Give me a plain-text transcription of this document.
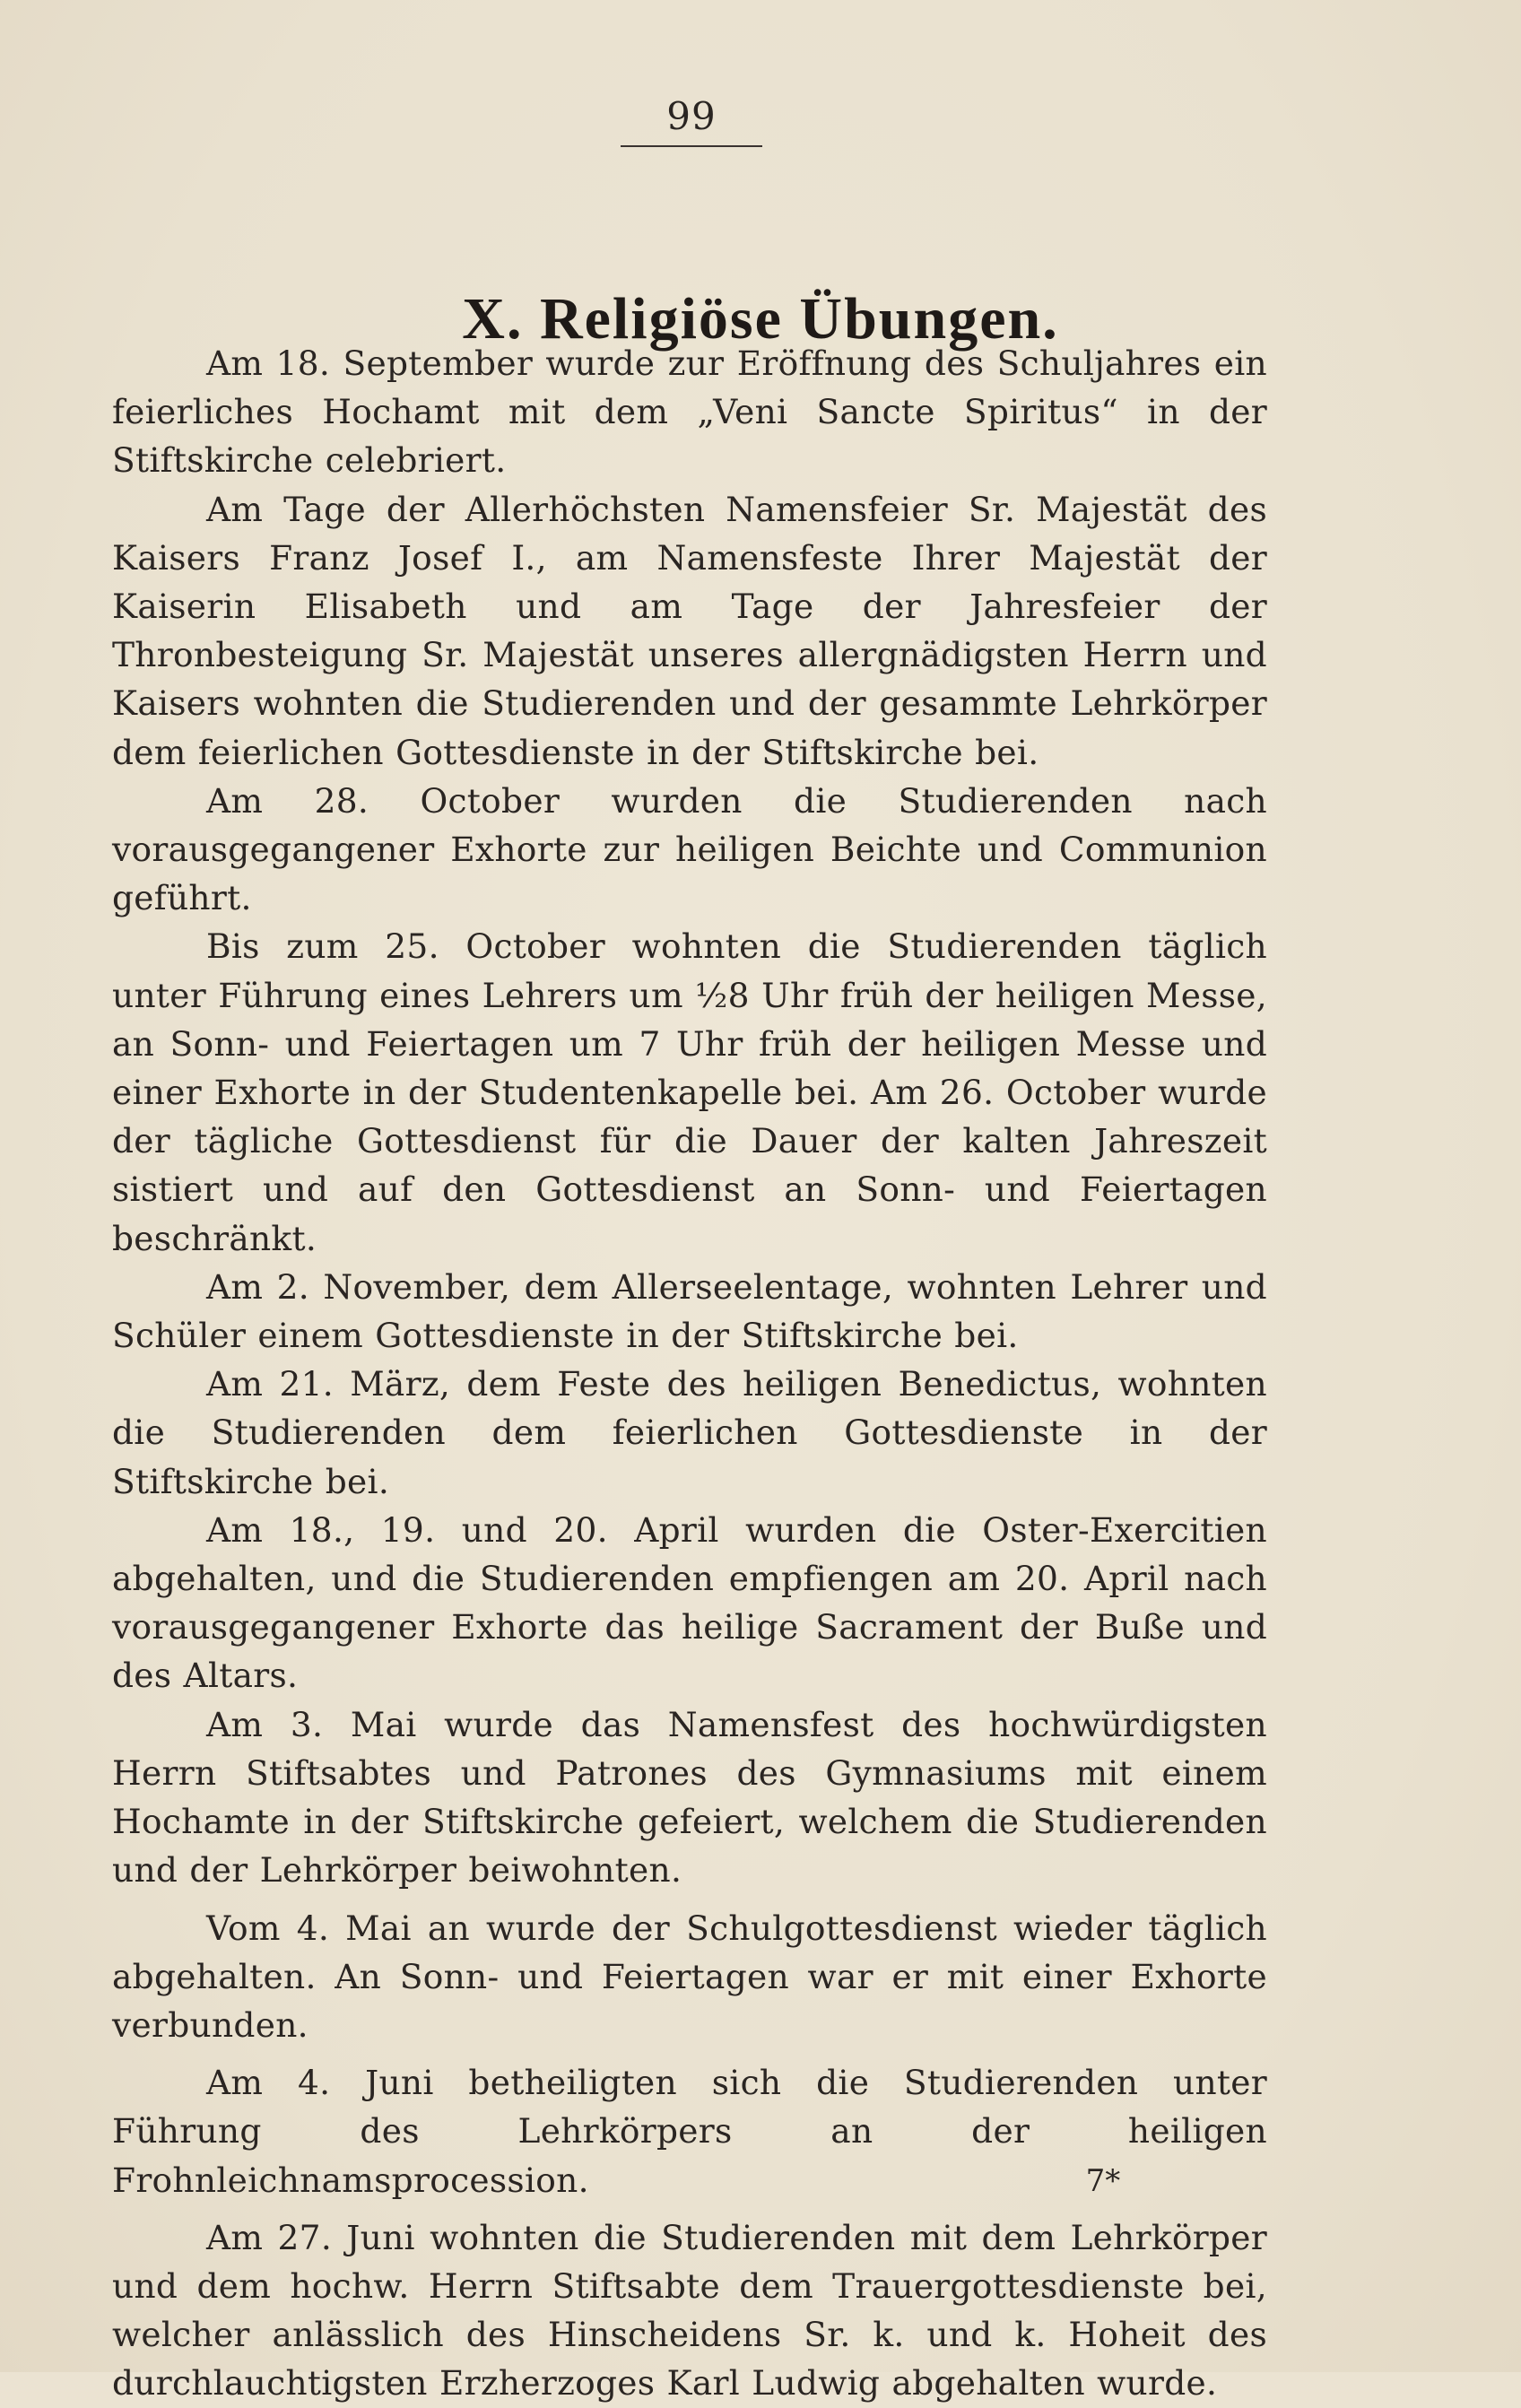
99
X. Religiöse Übungen.

Am 18. September wurde zur Eröffnung des Schuljahres ein feierliches Hochamt mit dem „Veni Sancte Spiritus“ in der Stiftskirche celebriert.

Am Tage der Allerhöchsten Namensfeier Sr. Majestät des Kaisers Franz Josef I., am Namensfeste Ihrer Majestät der Kaiserin Elisabeth und am Tage der Jahresfeier der Thronbesteigung Sr. Majestät unseres allergnädigsten Herrn und Kaisers wohnten die Studierenden und der gesammte Lehrkörper dem feierlichen Gottesdienste in der Stiftskirche bei.

Am 28. October wurden die Studierenden nach vorausgegangener Exhorte zur heiligen Beichte und Communion geführt.

Bis zum 25. October wohnten die Studierenden täglich unter Führung eines Lehrers um ½8 Uhr früh der heiligen Messe, an Sonn- und Feiertagen um 7 Uhr früh der heiligen Messe und einer Exhorte in der Studentenkapelle bei. Am 26. October wurde der tägliche Gottesdienst für die Dauer der kalten Jahreszeit sistiert und auf den Gottesdienst an Sonn- und Feiertagen beschränkt.

Am 2. November, dem Allerseelentage, wohnten Lehrer und Schüler einem Gottesdienste in der Stiftskirche bei.

Am 21. März, dem Feste des heiligen Benedictus, wohnten die Studierenden dem feierlichen Gottesdienste in der Stiftskirche bei.

Am 18., 19. und 20. April wurden die Oster-Exercitien abgehalten, und die Studierenden empfiengen am 20. April nach vorausgegangener Exhorte das heilige Sacrament der Buße und des Altars.

Am 3. Mai wurde das Namensfest des hochwürdigsten Herrn Stiftsabtes und Patrones des Gymnasiums mit einem Hochamte in der Stiftskirche gefeiert, welchem die Studierenden und der Lehrkörper beiwohnten.

Vom 4. Mai an wurde der Schulgottesdienst wieder täglich abgehalten. An Sonn- und Feiertagen war er mit einer Exhorte verbunden.

Am 4. Juni betheiligten sich die Studierenden unter Führung des Lehrkörpers an der heiligen Frohnleichnamsprocession.

Am 27. Juni wohnten die Studierenden mit dem Lehrkörper und dem hochw. Herrn Stiftsabte dem Trauergottesdienste bei, welcher anlässlich des Hinscheidens Sr. k. und k. Hoheit des durchlauchtigsten Erzherzoges Karl Ludwig abgehalten wurde.

7*
